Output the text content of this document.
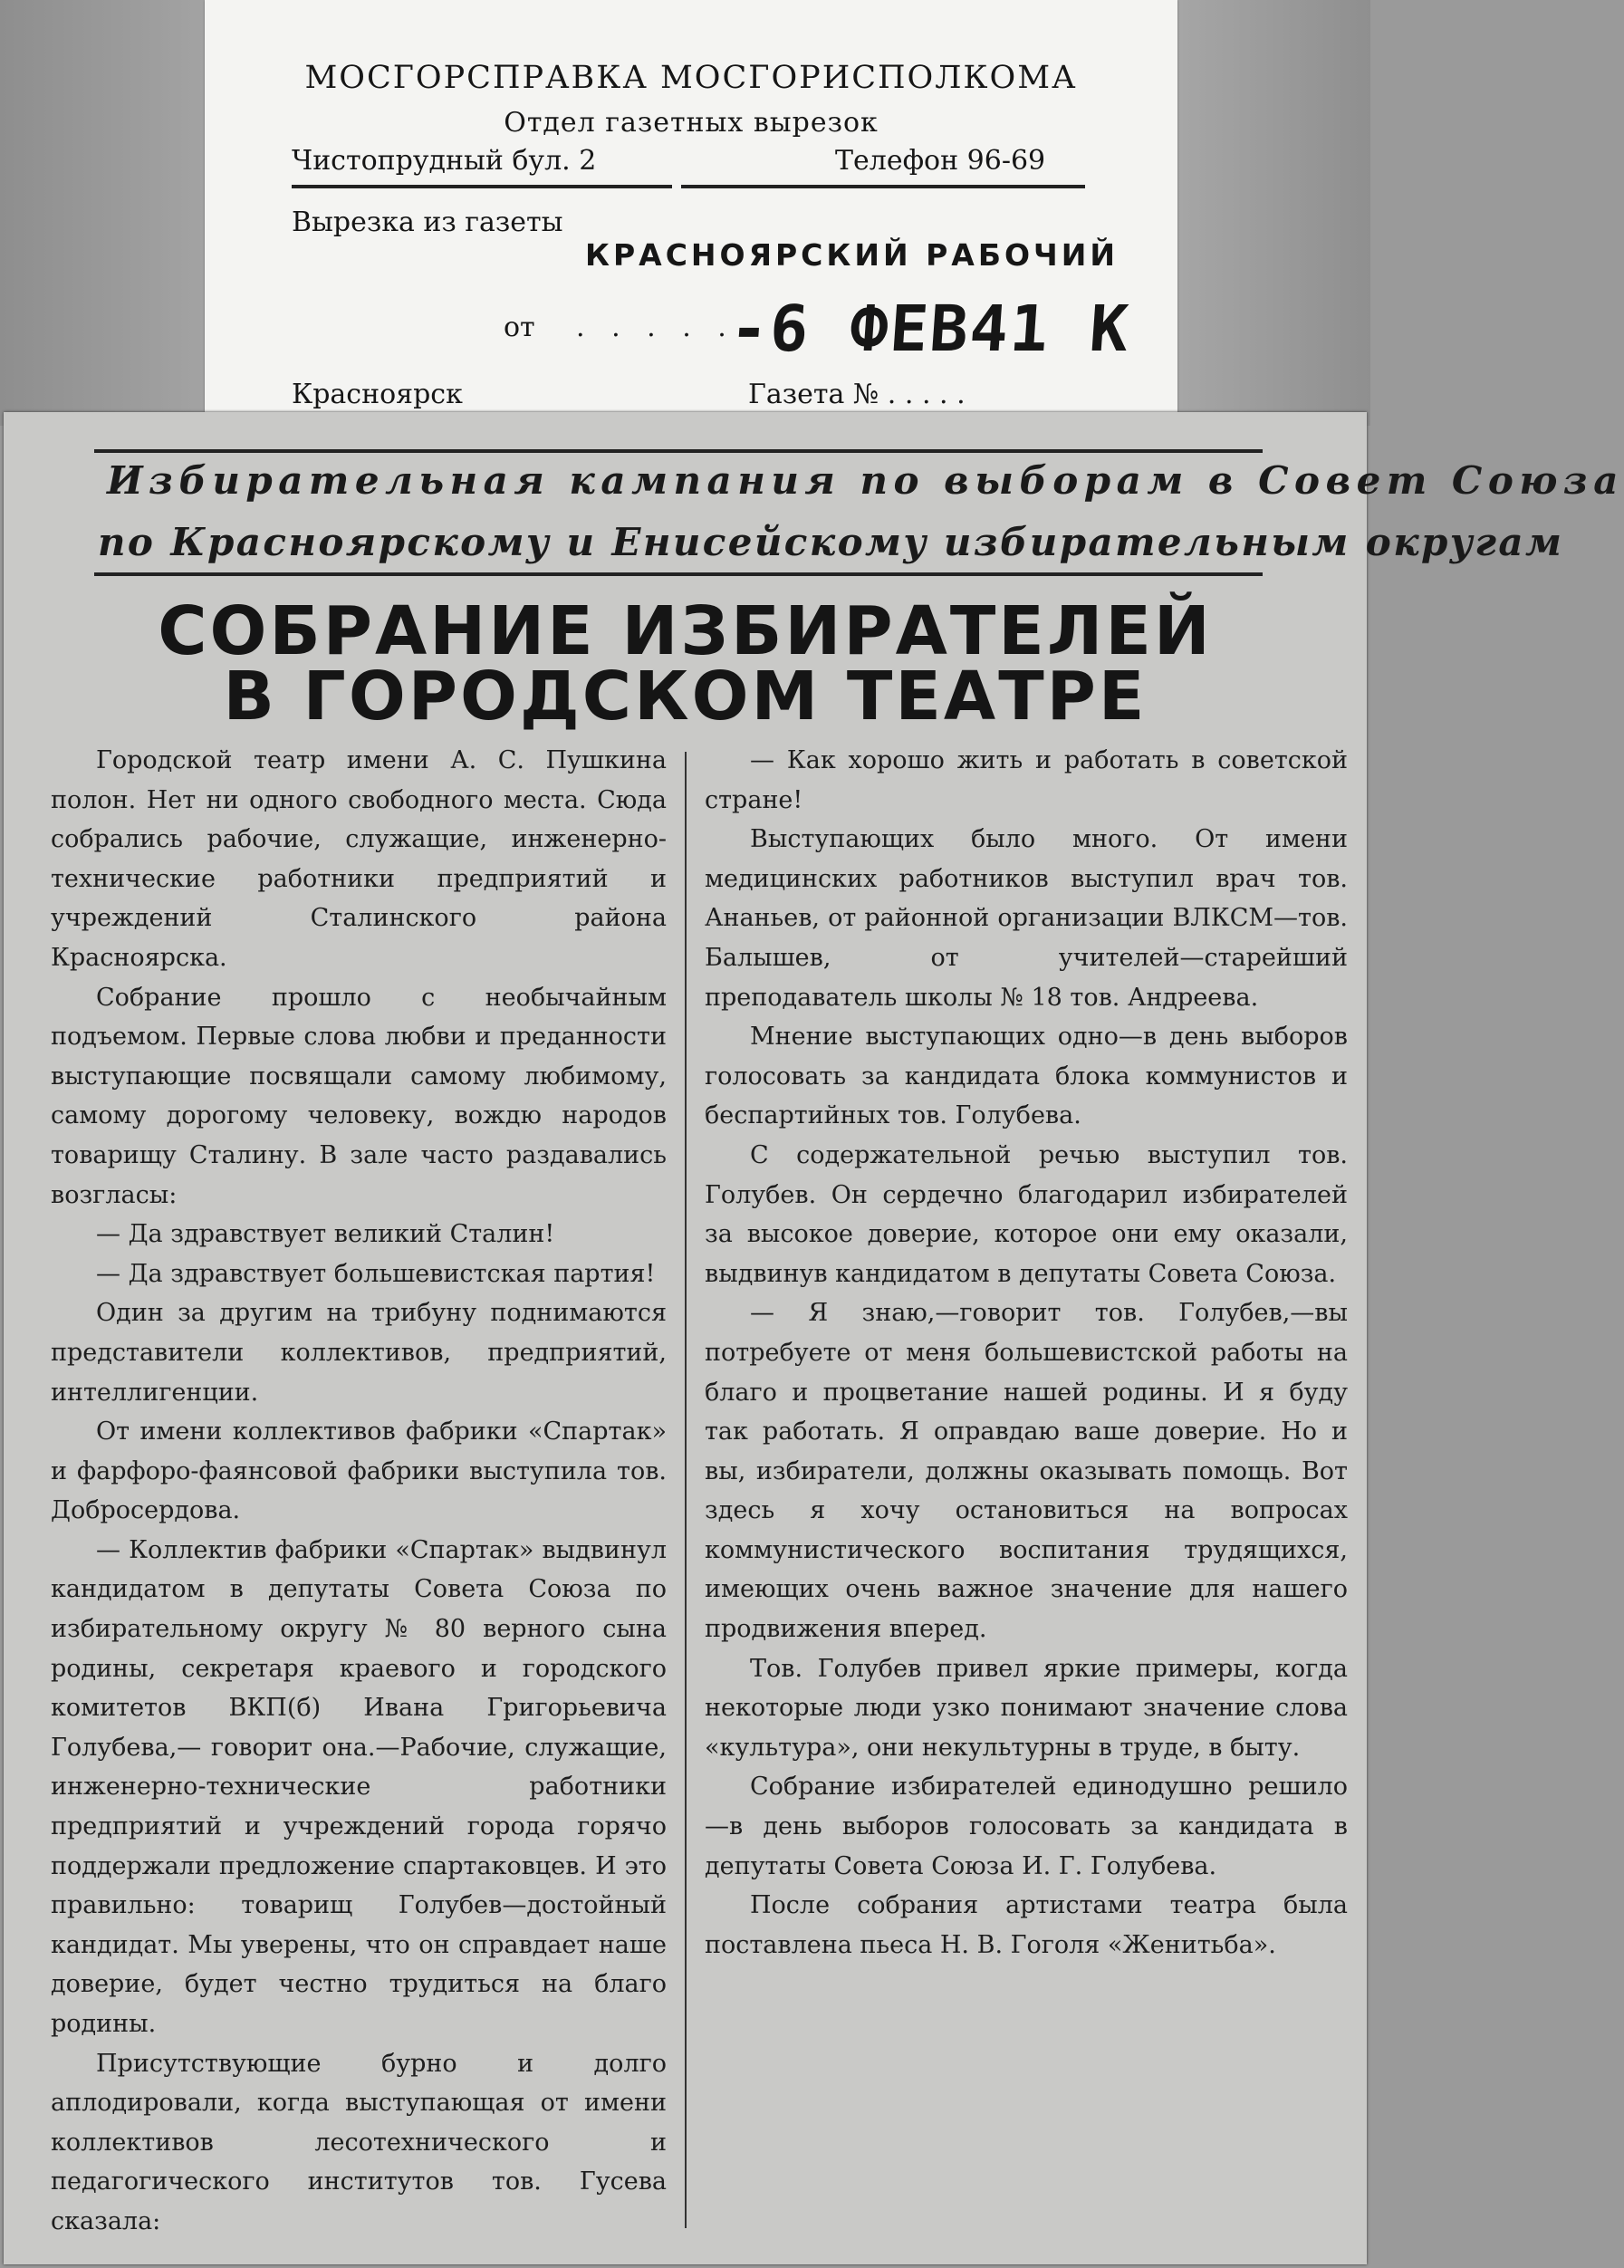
МОСГОРСПРАВКА МОСГОРИСПОЛКОМА
Отдел газетных вырезок
Чистопрудный бул. 2	Телефон 96-69
Вырезка из газеты
КРАСНОЯРСКИЙ РАБОЧИЙ
от . . . . .
-6 ФЕВ41 К
Красноярск	Газета № . . . . .
Избирательная кампания по выборам в Совет Союза
по Красноярскому и Енисейскому избирательным округам
СОБРАНИЕ ИЗБИРАТЕЛЕЙ
В ГОРОДСКОМ ТЕАТРЕ

Городской театр имени А. С. Пушкина полон. Нет ни одного свободного места. Сюда собрались рабочие, служащие, инженерно-технические работники предприятий и учреждений Сталинского района Красноярска.

Собрание прошло с необычайным подъемом. Первые слова любви и преданности выступающие посвящали самому любимому, самому дорогому человеку, вождю народов товарищу Сталину. В зале часто раздавались возгласы:

— Да здравствует великий Сталин!

— Да здравствует большевистская партия!

Один за другим на трибуну поднимаются представители коллективов, предприятий, интеллигенции.

От имени коллективов фабрики «Спартак» и фарфоро-фаянсовой фабрики выступила тов. Добросердова.

— Коллектив фабрики «Спартак» выдвинул кандидатом в депутаты Совета Союза по избирательному округу № 80 верного сына родины, секретаря краевого и городского комитетов ВКП(б) Ивана Григорьевича Голубева,— говорит она.—Рабочие, служащие, инженерно-технические работники предприятий и учреждений города горячо поддержали предложение спартаковцев. И это правильно: товарищ Голубев—достойный кандидат. Мы уверены, что он справдает наше доверие, будет честно трудиться на благо родины.

Присутствующие бурно и долго аплодировали, когда выступающая от имени коллективов лесотехнического и педагогического институтов тов. Гусева сказала:

— Как хорошо жить и работать в советской стране!

Выступающих было много. От имени медицинских работников выступил врач тов. Ананьев, от районной организации ВЛКСМ—тов. Балышев, от учителей—старейший преподаватель школы № 18 тов. Андреева.

Мнение выступающих одно—в день выборов голосовать за кандидата блока коммунистов и беспартийных тов. Голубева.

С содержательной речью выступил тов. Голубев. Он сердечно благодарил избирателей за высокое доверие, которое они ему оказали, выдвинув кандидатом в депутаты Совета Союза.

— Я знаю,—говорит тов. Голубев,—вы потребуете от меня большевистской работы на благо и процветание нашей родины. И я буду так работать. Я оправдаю ваше доверие. Но и вы, избиратели, должны оказывать помощь. Вот здесь я хочу остановиться на вопросах коммунистического воспитания трудящихся, имеющих очень важное значение для нашего продвижения вперед.

Тов. Голубев привел яркие примеры, когда некоторые люди узко понимают значение слова «культура», они некультурны в труде, в быту.

Собрание избирателей единодушно решило—в день выборов голосовать за кандидата в депутаты Совета Союза И. Г. Голубева.

После собрания артистами театра была поставлена пьеса Н. В. Гоголя «Женитьба».
